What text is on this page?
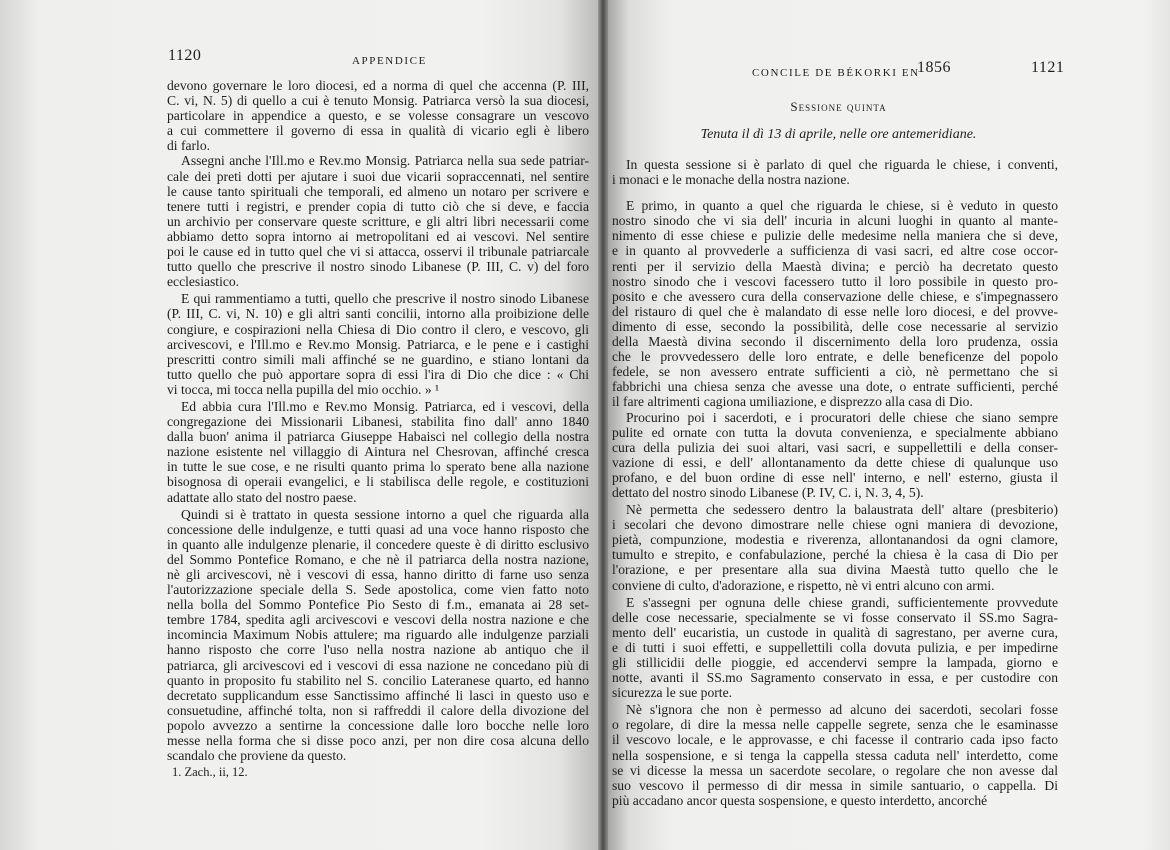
1120	APPENDICE
devono governare le loro diocesi, ed a norma di quel che accenna (P. III,
C. vi, N. 5) di quello a cui è tenuto Monsig. Patriarca versò la sua diocesi,
particolare in appendice a questo, e se volesse consagrare un vescovo
a cui commettere il governo di essa in qualità di vicario egli è libero
di farlo.
Assegni anche l'Ill.mo e Rev.mo Monsig. Patriarca nella sua sede patriar-
cale dei preti dotti per ajutare i suoi due vicarii sopraccennati, nel sentire
le cause tanto spirituali che temporali, ed almeno un notaro per scrivere e
tenere tutti i registri, e prender copia di tutto ciò che si deve, e faccia
un archivio per conservare queste scritture, e gli altri libri necessarii come
abbiamo detto sopra intorno ai metropolitani ed ai vescovi. Nel sentire
poi le cause ed in tutto quel che vi si attacca, osservi il tribunale patriarcale
tutto quello che prescrive il nostro sinodo Libanese (P. III, C. v) del foro
ecclesiastico.
E qui rammentiamo a tutti, quello che prescrive il nostro sinodo Libanese
(P. III, C. vi, N. 10) e gli altri santi concilii, intorno alla proibizione delle
congiure, e cospirazioni nella Chiesa di Dio contro il clero, e vescovo, gli
arcivescovi, e l'Ill.mo e Rev.mo Monsig. Patriarca, e le pene e i castighi
prescritti contro simili mali affinché se ne guardino, e stiano lontani da
tutto quello che può apportare sopra di essi l'ira di Dio che dice : « Chi
vi tocca, mi tocca nella pupilla del mio occhio. » ¹
Ed abbia cura l'Ill.mo e Rev.mo Monsig. Patriarca, ed i vescovi, della
congregazione dei Missionarii Libanesi, stabilita fino dall' anno 1840
dalla buon' anima il patriarca Giuseppe Habaisci nel collegio della nostra
nazione esistente nel villaggio di Aintura nel Chesrovan, affinché cresca
in tutte le sue cose, e ne risulti quanto prima lo sperato bene alla nazione
bisognosa di operaii evangelici, e li stabilisca delle regole, e costituzioni
adattate allo stato del nostro paese.
Quindi si è trattato in questa sessione intorno a quel che riguarda alla
concessione delle indulgenze, e tutti quasi ad una voce hanno risposto che
in quanto alle indulgenze plenarie, il concedere queste è di diritto esclusivo
del Sommo Pontefice Romano, e che nè il patriarca della nostra nazione,
nè gli arcivescovi, nè i vescovi di essa, hanno diritto di farne uso senza
l'autorizzazione speciale della S. Sede apostolica, come vien fatto noto
nella bolla del Sommo Pontefice Pio Sesto di f.m., emanata ai 28 set-
tembre 1784, spedita agli arcivescovi e vescovi della nostra nazione e che
incomincia Maximum Nobis attulere; ma riguardo alle indulgenze parziali
hanno risposto che corre l'uso nella nostra nazione ab antiquo che il
patriarca, gli arcivescovi ed i vescovi di essa nazione ne concedano più di
quanto in proposito fu stabilito nel S. concilio Lateranese quarto, ed hanno
decretato supplicandum esse Sanctissimo affinché li lasci in questo uso e
consuetudine, affinché tolta, non si raffreddi il calore della divozione del
popolo avvezzo a sentirne la concessione dalle loro bocche nelle loro
messe nella forma che si disse poco anzi, per non dire cosa alcuna dello
scandalo che proviene da questo.
1. Zach., ii, 12.
CONCILE DE BÉKORKI EN
1856	1121
Sessione quinta
Tenuta il dì 13 di aprile, nelle ore antemeridiane.
In questa sessione si è parlato di quel che riguarda le chiese, i conventi,
i monaci e le monache della nostra nazione.
E primo, in quanto a quel che riguarda le chiese, si è veduto in questo
nostro sinodo che vi sia dell' incuria in alcuni luoghi in quanto al mante-
nimento di esse chiese e pulizie delle medesime nella maniera che si deve,
e in quanto al provvederle a sufficienza di vasi sacri, ed altre cose occor-
renti per il servizio della Maestà divina; e perciò ha decretato questo
nostro sinodo che i vescovi facessero tutto il loro possibile in questo pro-
posito e che avessero cura della conservazione delle chiese, e s'impegnassero
del ristauro di quel che è malandato di esse nelle loro diocesi, e del provve-
dimento di esse, secondo la possibilità, delle cose necessarie al servizio
della Maestà divina secondo il discernimento della loro prudenza, ossia
che le provvedessero delle loro entrate, e delle beneficenze del popolo
fedele, se non avessero entrate sufficienti a ciò, nè permettano che si
fabbrichi una chiesa senza che avesse una dote, o entrate sufficienti, perché
il fare altrimenti cagiona umiliazione, e disprezzo alla casa di Dio.
Procurino poi i sacerdoti, e i procuratori delle chiese che siano sempre
pulite ed ornate con tutta la dovuta convenienza, e specialmente abbiano
cura della pulizia dei suoi altari, vasi sacri, e suppellettili e della conser-
vazione di essi, e dell' allontanamento da dette chiese di qualunque uso
profano, e del buon ordine di esse nell' interno, e nell' esterno, giusta il
dettato del nostro sinodo Libanese (P. IV, C. i, N. 3, 4, 5).
Nè permetta che sedessero dentro la balaustrata dell' altare (presbiterio)
i secolari che devono dimostrare nelle chiese ogni maniera di devozione,
pietà, compunzione, modestia e riverenza, allontanandosi da ogni clamore,
tumulto e strepito, e confabulazione, perché la chiesa è la casa di Dio per
l'orazione, e per presentare alla sua divina Maestà tutto quello che le
conviene di culto, d'adorazione, e rispetto, nè vi entri alcuno con armi.
E s'assegni per ognuna delle chiese grandi, sufficientemente provvedute
delle cose necessarie, specialmente se vi fosse conservato il SS.mo Sagra-
mento dell' eucaristia, un custode in qualità di sagrestano, per averne cura,
e di tutti i suoi effetti, e suppellettili colla dovuta pulizia, e per impedirne
gli stillicidii delle pioggie, ed accendervi sempre la lampada, giorno e
notte, avanti il SS.mo Sagramento conservato in essa, e per custodire con
sicurezza le sue porte.
Nè s'ignora che non è permesso ad alcuno dei sacerdoti, secolari fosse
o regolare, di dire la messa nelle cappelle segrete, senza che le esaminasse
il vescovo locale, e le approvasse, e chi facesse il contrario cada ipso facto
nella sospensione, e si tenga la cappella stessa caduta nell' interdetto, come
se vi dicesse la messa un sacerdote secolare, o regolare che non avesse dal
suo vescovo il permesso di dir messa in simile santuario, o cappella. Di
più accadano ancor questa sospensione, e questo interdetto, ancorché
